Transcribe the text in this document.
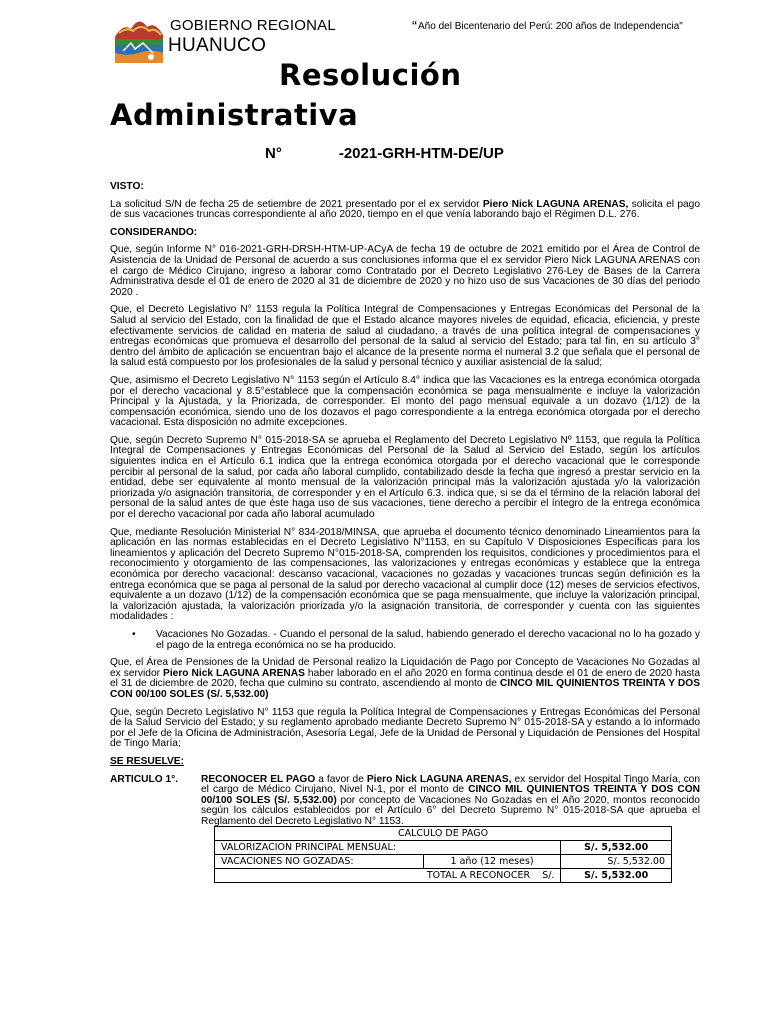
GOBIERNO REGIONAL
HUANUCO
“Año del Bicentenario del Perú: 200 años de Independencia"
Resolución
Administrativa
N°	-2021-GRH-HTM-DE/UP

VISTO:

La solicitud S/N de fecha 25 de setiembre de 2021 presentado por el ex servidor Piero Nick LAGUNA ARENAS, solicita el pago de sus vacaciones truncas correspondiente al año 2020, tiempo en el que venía laborando bajo el Régimen D.L. 276.

CONSIDERANDO:

Que, según Informe N° 016-2021-GRH-DRSH-HTM-UP-ACyA de fecha 19 de octubre de 2021 emitido por el Área de Control de Asistencia de la Unidad de Personal de acuerdo a sus conclusiones informa que el ex servidor Piero Nick LAGUNA ARENAS con el cargo de Médico Cirujano, ingreso a laborar como Contratado por el Decreto Legislativo 276-Ley de Bases de la Carrera Administrativa desde el 01 de enero de 2020 al 31 de diciembre de 2020 y no hizo uso de sus Vacaciones de 30 días del periodo 2020 .

Que, el Decreto Legislativo N° 1153 regula la Política Integral de Compensaciones y Entregas Económicas del Personal de la Salud al servicio del Estado, con la finalidad de que el Estado alcance mayores niveles de equidad, eficacia, eficiencia, y preste efectivamente servicios de calidad en materia de salud al ciudadano, a través de una política integral de compensaciones y entregas económicas que promueva el desarrollo del personal de la salud al servicio del Estado; para tal fin, en su artículo 3° dentro del ámbito de aplicación se encuentran bajo el alcance de la presente norma el numeral 3.2 que señala que el personal de la salud está compuesto por los profesionales de la salud y personal técnico y auxiliar asistencial de la salud;

Que, asimismo el Decreto Legislativo N° 1153 según el Artículo 8.4° indica que las Vacaciones es la entrega económica otorgada por el derecho vacacional y 8.5°establece que la compensación económica se paga mensualmente e incluye la valorización Principal y la Ajustada, y la Priorizada, de corresponder. El monto del pago mensual equivale a un dozavo (1/12) de la compensación económica, siendo uno de los dozavos el pago correspondiente a la entrega económica otorgada por el derecho vacacional. Esta disposición no admite excepciones.

Que, según Decreto Supremo N° 015-2018-SA se aprueba el Reglamento del Decreto Legislativo Nº 1153, que regula la Política Integral de Compensaciones y Entregas Económicas del Personal de la Salud al Servicio del Estado, según los artículos siguientes indica en el Artículo 6.1 indica que la entrega económica otorgada por el derecho vacacional que le corresponde percibir al personal de la salud, por cada año laboral cumplido, contabilizado desde la fecha que ingresó a prestar servicio en la entidad, debe ser equivalente al monto mensual de la valorización principal más la valorización ajustada y/o la valorización priorizada y/o asignación transitoria, de corresponder y en el Artículo 6.3. indica que, si se da el término de la relación laboral del personal de la salud antes de que éste haga uso de sus vacaciones, tiene derecho a percibir el íntegro de la entrega económica por el derecho vacacional por cada año laboral acumulado

Que, mediante Resolución Ministerial N° 834-2018/MINSA, que aprueba el documento técnico denominado Lineamientos para la aplicación en las normas establecidas en el Decreto Legislativo N°1153, en su Capítulo V Disposiciones Específicas para los lineamientos y aplicación del Decreto Supremo N°015-2018-SA, comprenden los requisitos, condiciones y procedimientos para el reconocimiento y otorgamiento de las compensaciones, las valorizaciones y entregas económicas y establece que la entrega económica por derecho vacacional: descanso vacacional, vacaciones no gozadas y vacaciones truncas según definición es la entrega económica que se paga al personal de la salud por derecho vacacional al cumplir doce (12) meses de servicios efectivos, equivalente a un dozavo (1/12) de la compensación económica que se paga mensualmente, que incluye la valorización principal, la valorización ajustada, la valorización priorizada y/o la asignación transitoria, de corresponder y cuenta con las siguientes modalidades :

• Vacaciones No Gozadas. - Cuando el personal de la salud, habiendo generado el derecho vacacional no lo ha gozado y el pago de la entrega económica no se ha producido.

Que, el Área de Pensiones de la Unidad de Personal realizo la Liquidación de Pago por Concepto de Vacaciones No Gozadas al ex servidor Piero Nick LAGUNA ARENAS haber laborado en el año 2020 en forma continua desde el 01 de enero de 2020 hasta el 31 de diciembre de 2020, fecha que culmino su contrato, ascendiendo al monto de CINCO MIL QUINIENTOS TREINTA Y DOS CON 00/100 SOLES (S/. 5,532.00)

Que, según Decreto Legislativo N° 1153 que regula la Política Integral de Compensaciones y Entregas Económicas del Personal de la Salud Servicio del Estado; y su reglamento aprobado mediante Decreto Supremo N° 015-2018-SA y estando a lo informado por el Jefe de la Oficina de Administración, Asesoría Legal, Jefe de la Unidad de Personal y Liquidación de Pensiones del Hospital de Tingo María;

SE RESUELVE:

ARTICULO 1°. RECONOCER EL PAGO a favor de Piero Nick LAGUNA ARENAS, ex servidor del Hospital Tingo María, con el cargo de Médico Cirujano, Nivel N-1, por el monto de CINCO MIL QUINIENTOS TREINTA Y DOS CON 00/100 SOLES (S/. 5,532.00) por concepto de Vacaciones No Gozadas en el Año 2020, montos reconocido según los cálculos establecidos por el Artículo 6° del Decreto Supremo N° 015-2018-SA que aprueba el Reglamento del Decreto Legislativo N° 1153.
CALCULO DE PAGO		
VALORIZACION PRINCIPAL MENSUAL:		S/. 5,532.00
VACACIONES NO GOZADAS:	1 año (12 meses)	S/. 5,532.00
TOTAL A RECONOCER S/.		S/. 5,532.00
